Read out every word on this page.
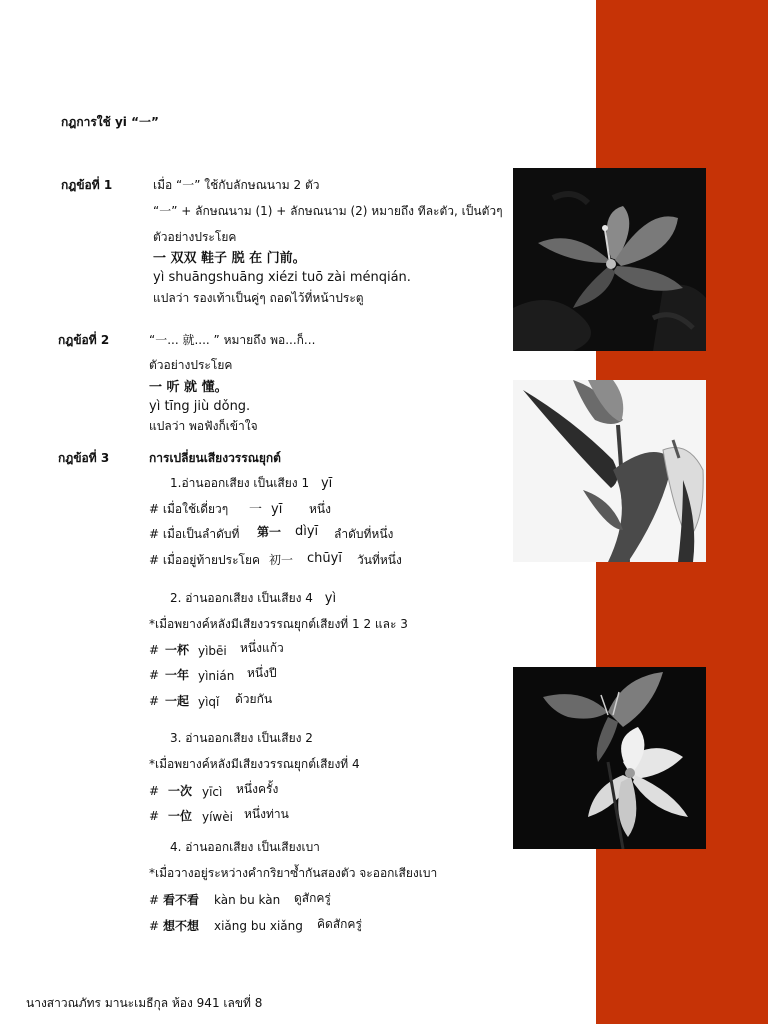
กฎการใช้ yi “一”
กฎข้อที่ 1	เมื่อ “一” ใช้กับลักษณนาม 2 ตัว
“一” + ลักษณนาม (1) + ลักษณนาม (2) หมายถึง ทีละตัว, เป็นตัวๆ
ตัวอย่างประโยค
一 双双 鞋子 脱 在 门前。
yì shuāngshuāng xiézi tuō zài ménqián.
แปลว่า รองเท้าเป็นคู่ๆ ถอดไว้ที่หน้าประตู
กฎข้อที่ 2	“一... 就.... ” หมายถึง พอ...ก็...
ตัวอย่างประโยค
一 听 就 懂。
yì tīng jiù dǒng.
แปลว่า พอฟังก็เข้าใจ
กฎข้อที่ 3	การเปลี่ยนเสียงวรรณยุกต์
1.อ่านออกเสียง เป็นเสียง 1 yī
# เมื่อใช้เดี่ยวๆ 一 yī หนึ่ง
# เมื่อเป็นลำดับที่ 第一 dìyī ลำดับที่หนึ่ง
# เมื่ออยู่ท้ายประโยค 初一 chūyī วันที่หนึ่ง
2. อ่านออกเสียง เป็นเสียง 4 yì
*เมื่อพยางค์หลังมีเสียงวรรณยุกต์เสียงที่ 1 2 และ 3
# 一杯 yìbēi หนึ่งแก้ว
# 一年 yìnián หนึ่งปี
# 一起 yìqǐ ด้วยกัน
3. อ่านออกเสียง เป็นเสียง 2
*เมื่อพยางค์หลังมีเสียงวรรณยุกต์เสียงที่ 4
# 一次 yīcì หนึ่งครั้ง
# 一位 yíwèi หนึ่งท่าน
4. อ่านออกเสียง เป็นเสียงเบา
*เมื่อวางอยู่ระหว่างคำกริยาซ้ำกันสองตัว จะออกเสียงเบา
# 看不看 kàn bu kàn ดูสักครู่
# 想不想 xiǎng bu xiǎng คิดสักครู่
นางสาวณภัทร มานะเมธีกุล ห้อง 941 เลขที่ 8
